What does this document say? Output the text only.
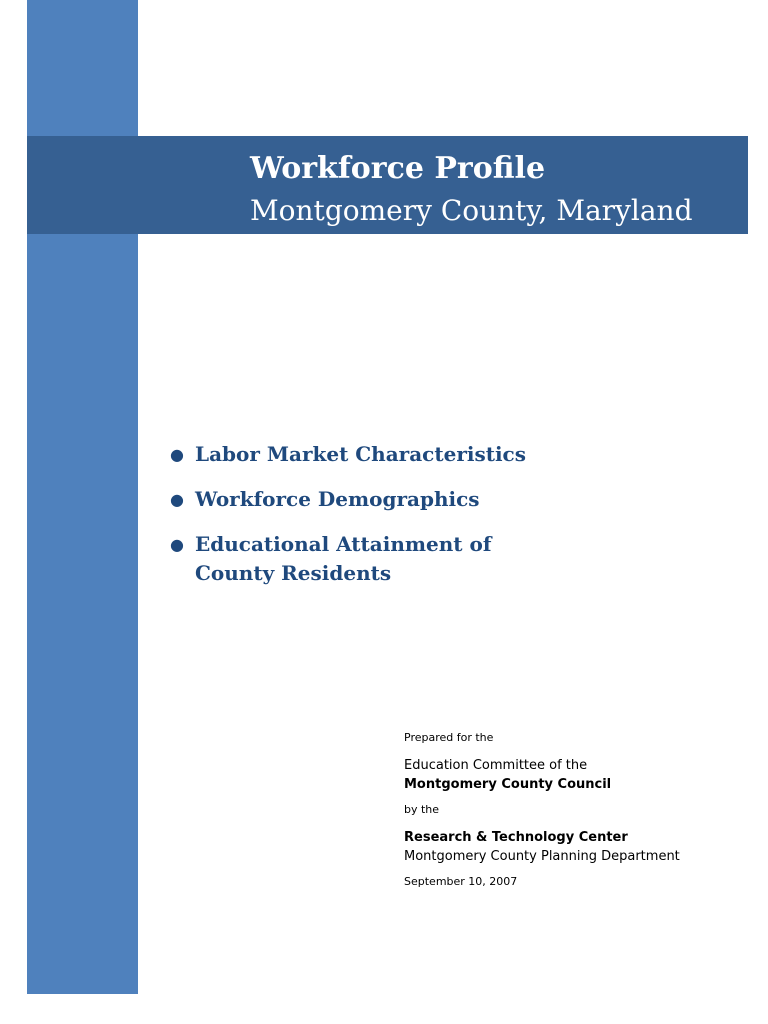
Workforce Profile
Montgomery County, Maryland
● Labor Market Characteristics
● Workforce Demographics
● Educational Attainment of County Residents

Prepared for the

Education Committee of the

Montgomery County Council

by the

Research & Technology Center

Montgomery County Planning Department

September 10, 2007
